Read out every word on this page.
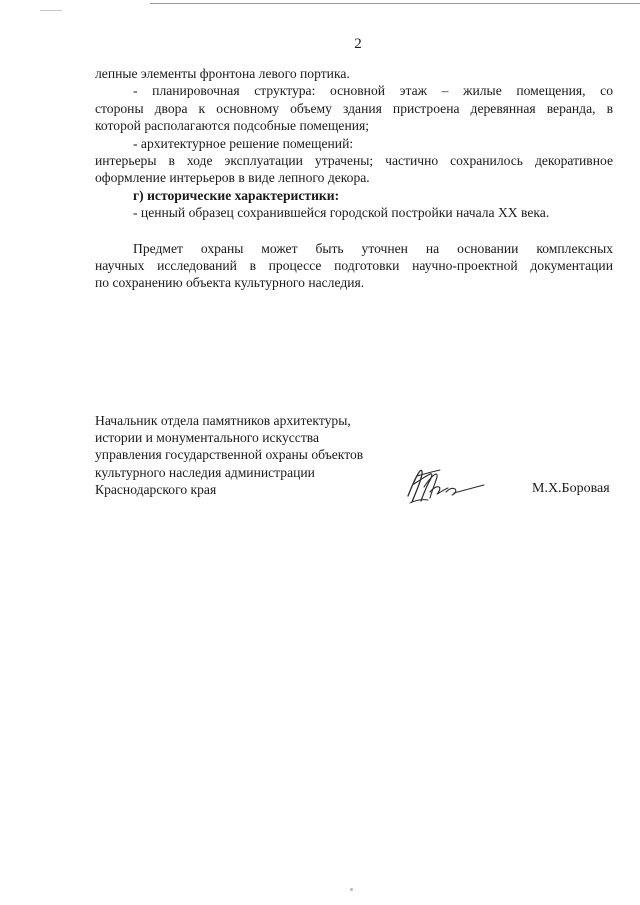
2
лепные элементы фронтона левого портика.
- планировочная структура: основной этаж – жилые помещения, со
стороны двора к основному объему здания пристроена деревянная веранда, в
которой располагаются подсобные помещения;
- архитектурное решение помещений:
интерьеры в ходе эксплуатации утрачены; частично сохранилось декоративное
оформление интерьеров в виде лепного декора.
г) исторические характеристики:
- ценный образец сохранившейся городской постройки начала XX века.
Предмет охраны может быть уточнен на основании комплексных
научных исследований в процессе подготовки научно-проектной документации
по сохранению объекта культурного наследия.
Начальник отдела памятников архитектуры,
истории и монументального искусства
управления государственной охраны объектов
культурного наследия администрации
Краснодарского края	М.Х.Боровая
